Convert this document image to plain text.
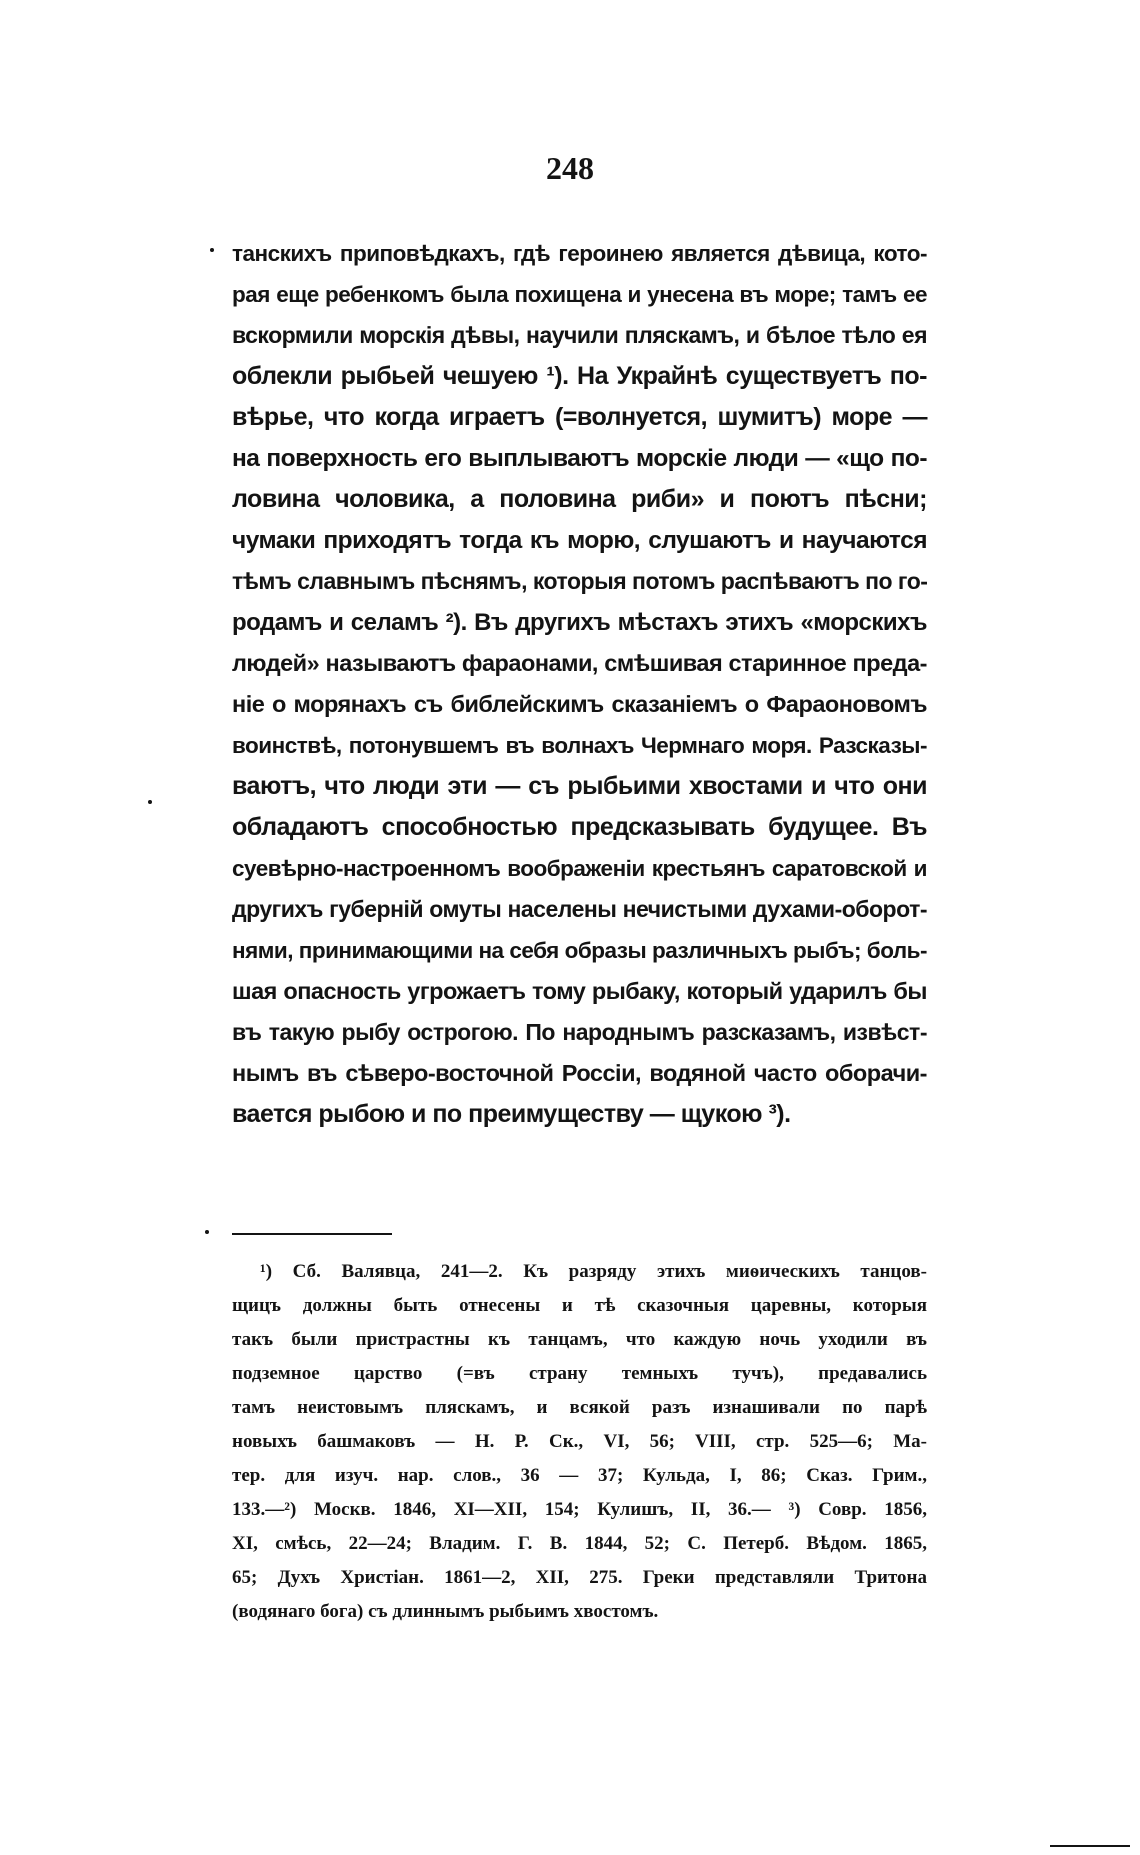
248
танскихъ приповѣдкахъ, гдѣ героинею является дѣвица, кото-
рая еще ребенкомъ была похищена и унесена въ море; тамъ ее
вскормили морскія дѣвы, научили пляскамъ, и бѣлое тѣло ея
облекли рыбьей чешуею ¹). На Украйнѣ существуетъ по-
вѣрье, что когда играетъ (=волнуется, шумитъ) море —
на поверхность его выплываютъ морскіе люди — «що по-
ловина чоловика, а половина риби» и поютъ пѣсни;
чумаки приходятъ тогда къ морю, слушаютъ и научаются
тѣмъ славнымъ пѣснямъ, которыя потомъ распѣваютъ по го-
родамъ и селамъ ²). Въ другихъ мѣстахъ этихъ «морскихъ
людей» называютъ фараонами, смѣшивая старинное преда-
ніе о морянахъ съ библейскимъ сказаніемъ о Фараоновомъ
воинствѣ, потонувшемъ въ волнахъ Чермнаго моря. Разсказы-
ваютъ, что люди эти — съ рыбьими хвостами и что они
обладаютъ способностью предсказывать будущее. Въ
суевѣрно-настроенномъ воображеніи крестьянъ саратовской и
другихъ губерній омуты населены нечистыми духами-оборот-
нями, принимающими на себя образы различныхъ рыбъ; боль-
шая опасность угрожаетъ тому рыбаку, который ударилъ бы
въ такую рыбу острогою. По народнымъ разсказамъ, извѣст-
нымъ въ сѣверо-восточной Россіи, водяной часто оборачи-
вается рыбою и по преимуществу — щукою ³).
¹) Сб. Валявца, 241—2. Къ разряду этихъ миѳическихъ танцов-
щицъ должны быть отнесены и тѣ сказочныя царевны, которыя
такъ были пристрастны къ танцамъ, что каждую ночь уходили въ
подземное царство (=въ страну темныхъ тучъ), предавались
тамъ неистовымъ пляскамъ, и всякой разъ изнашивали по парѣ
новыхъ башмаковъ — Н. Р. Ск., VI, 56; VIII, стр. 525—6; Ма-
тер. для изуч. нар. слов., 36 — 37; Кульда, I, 86; Сказ. Грим.,
133.—²) Москв. 1846, XI—XII, 154; Кулишъ, II, 36.— ³) Совр. 1856,
XI, смѣсь, 22—24; Владим. Г. В. 1844, 52; С. Петерб. Вѣдом. 1865,
65; Духъ Христіан. 1861—2, XII, 275. Греки представляли Тритона
(водянаго бога) съ длиннымъ рыбьимъ хвостомъ.
